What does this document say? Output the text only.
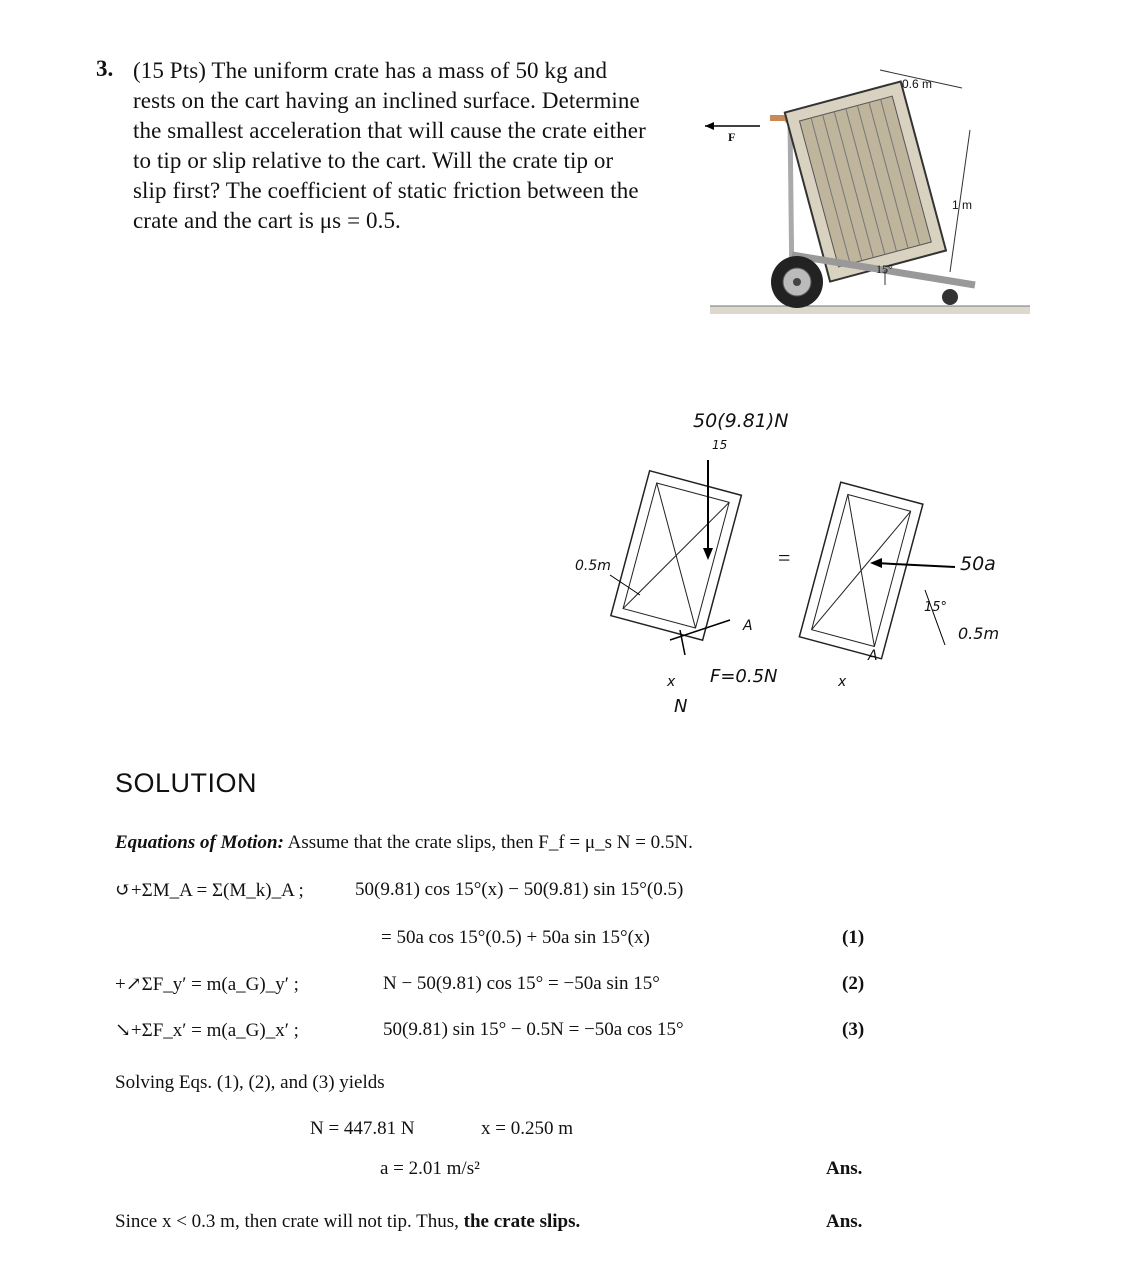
3. (15 Pts) The uniform crate has a mass of 50 kg and
rests on the cart having an inclined surface. Determine
the smallest acceleration that will cause the crate either
to tip or slip relative to the cart. Will the crate tip or
slip first? The coefficient of static friction between the
crate and the cart is μs = 0.5.
0.6 m
1 m
15°
F
50(9.81)N
15
0.5m	=
A
A
F=0.5N
N
x	x
50a
15°
0.5m
SOLUTION
Equations of Motion: Assume that the crate slips, then F_f = μ_s N = 0.5N.
↺+ΣM_A = Σ(M_k)_A ;	50(9.81) cos 15°(x) − 50(9.81) sin 15°(0.5)
= 50a cos 15°(0.5) + 50a sin 15°(x)	(1)
+↗ΣF_y′ = m(a_G)_y′ ;	N − 50(9.81) cos 15° = −50a sin 15°	(2)
↘+ΣF_x′ = m(a_G)_x′ ;	50(9.81) sin 15° − 0.5N = −50a cos 15°	(3)
Solving Eqs. (1), (2), and (3) yields
N = 447.81 N	x = 0.250 m
a = 2.01 m/s²	Ans.
Since x < 0.3 m, then crate will not tip. Thus, the crate slips.	Ans.
